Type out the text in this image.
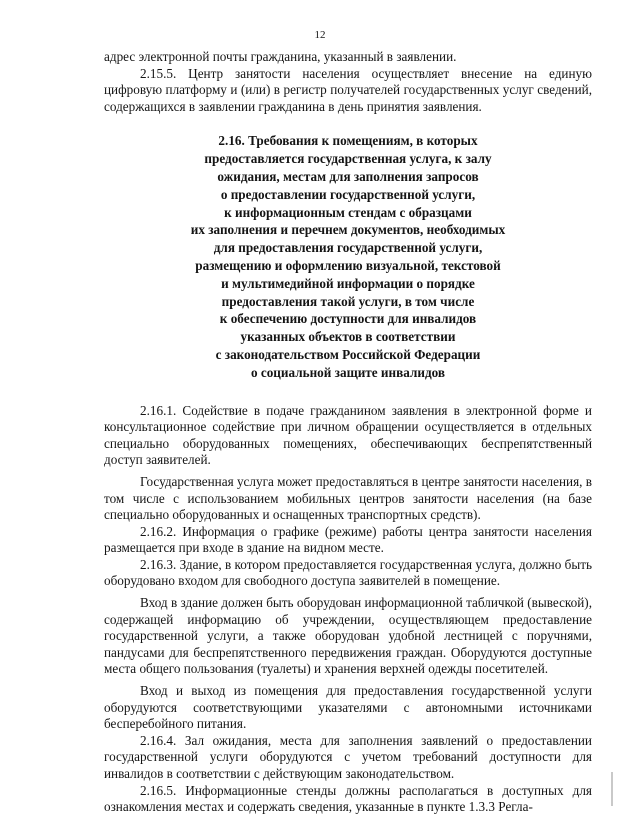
12

адрес электронной почты гражданина, указанный в заявлении.

2.15.5. Центр занятости населения осуществляет внесение на единую цифровую платформу и (или) в регистр получателей государственных услуг сведений, содержащихся в заявлении гражданина в день принятия заявления.

2.16. Требования к помещениям, в которых
предоставляется государственная услуга, к залу
ожидания, местам для заполнения запросов
о предоставлении государственной услуги,
к информационным стендам с образцами
их заполнения и перечнем документов, необходимых
для предоставления государственной услуги,
размещению и оформлению визуальной, текстовой
и мультимедийной информации о порядке
предоставления такой услуги, в том числе
к обеспечению доступности для инвалидов
указанных объектов в соответствии
с законодательством Российской Федерации
о социальной защите инвалидов

2.16.1. Содействие в подаче гражданином заявления в электронной форме и консультационное содействие при личном обращении осуществляется в отдельных специально оборудованных помещениях, обеспечивающих беспрепятственный доступ заявителей.

Государственная услуга может предоставляться в центре занятости населения, в том числе с использованием мобильных центров занятости населения (на базе специально оборудованных и оснащенных транспортных средств).

2.16.2. Информация о графике (режиме) работы центра занятости населения размещается при входе в здание на видном месте.

2.16.3. Здание, в котором предоставляется государственная услуга, должно быть оборудовано входом для свободного доступа заявителей в помещение.

Вход в здание должен быть оборудован информационной табличкой (вывеской), содержащей информацию об учреждении, осуществляющем предоставление государственной услуги, а также оборудован удобной лестницей с поручнями, пандусами для беспрепятственного передвижения граждан. Оборудуются доступные места общего пользования (туалеты) и хранения верхней одежды посетителей.

Вход и выход из помещения для предоставления государственной услуги оборудуются соответствующими указателями с автономными источниками бесперебойного питания.

2.16.4. Зал ожидания, места для заполнения заявлений о предоставлении государственной услуги оборудуются с учетом требований доступности для инвалидов в соответствии с действующим законодательством.

2.16.5. Информационные стенды должны располагаться в доступных для ознакомления местах и содержать сведения, указанные в пункте 1.3.3 Регла-
